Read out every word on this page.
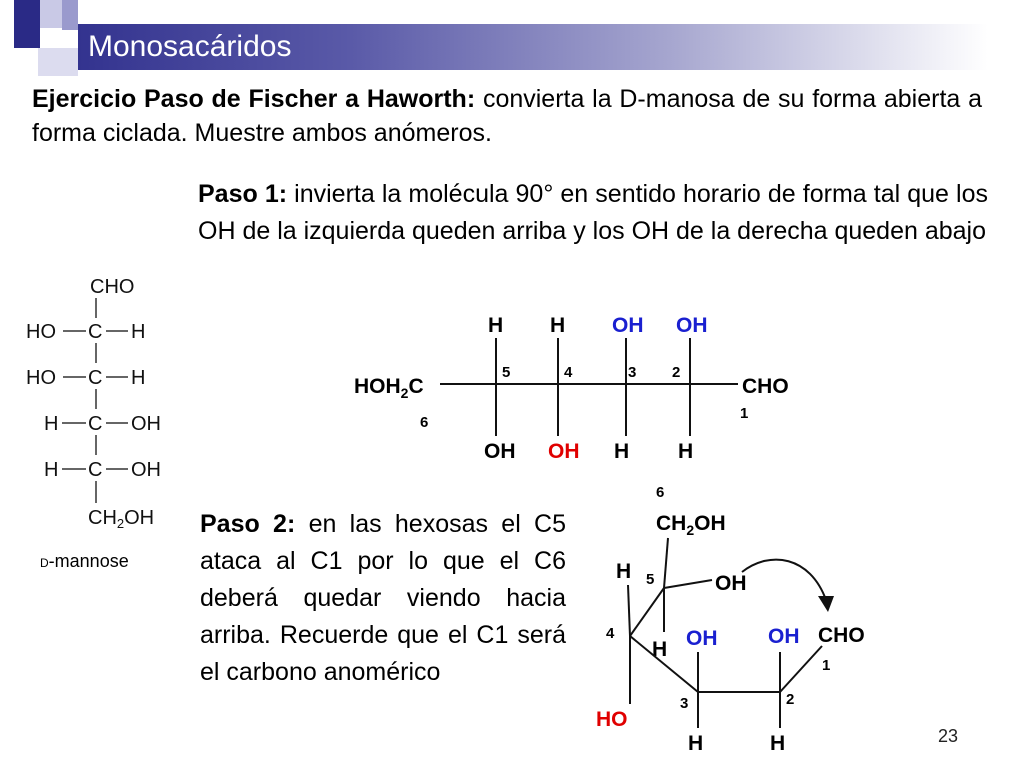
Monosacáridos
Ejercicio Paso de Fischer a Haworth: convierta la D-manosa de su forma abierta a forma ciclada. Muestre ambos anómeros.
Paso 1: invierta la molécula 90° en sentido horario de forma tal que los OH de la izquierda queden arriba y los OH de la derecha queden abajo
Paso 2: en las hexosas el C5 ataca al C1 por lo que el C6 deberá quedar viendo hacia arriba. Recuerde que el C1 será el carbono anomérico
CHO
HO C H
HO C H
H C OH
H C OH
$CH_2OH$
D-mannose
H H OH OH
$HOH_2C$
6
CHO
1
5	4	3 2
OH OH H H
6
$CH_2OH$
H 5	OH
4
H
HO
OH
3
H
OH
2
H
CHO
1
23
